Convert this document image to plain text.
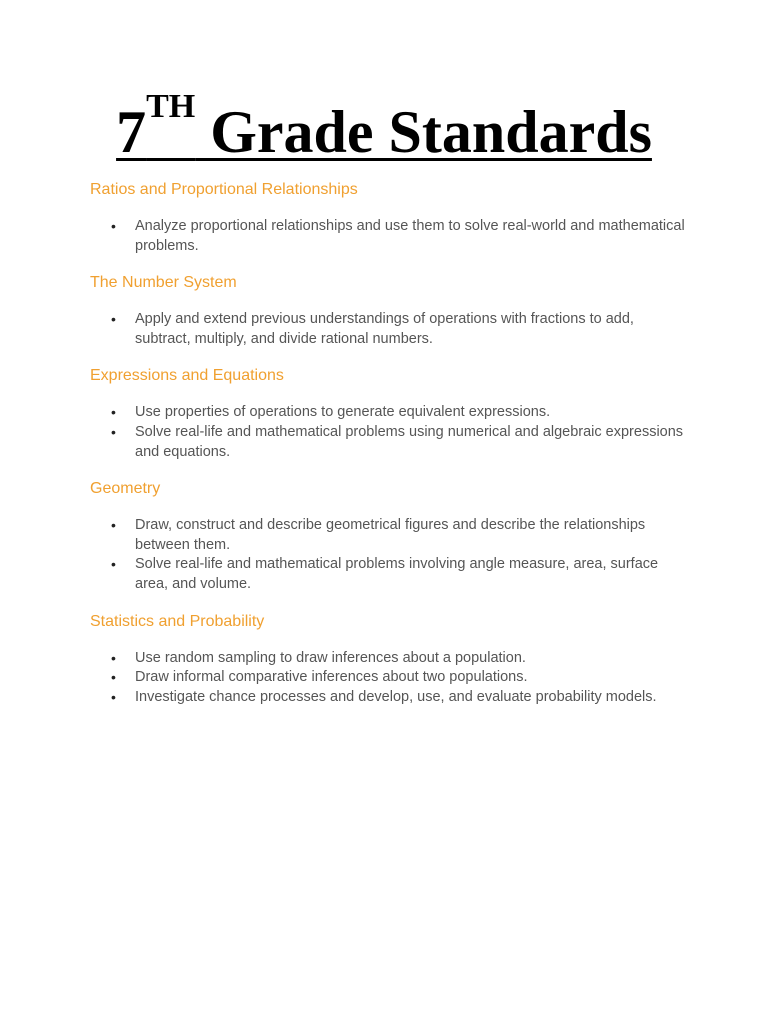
7TH Grade Standards
Ratios and Proportional Relationships
• Analyze proportional relationships and use them to solve real-world and mathematical problems.
The Number System
• Apply and extend previous understandings of operations with fractions to add, subtract, multiply, and divide rational numbers.
Expressions and Equations
• Use properties of operations to generate equivalent expressions.
• Solve real-life and mathematical problems using numerical and algebraic expressions and equations.
Geometry
• Draw, construct and describe geometrical figures and describe the relationships between them.
• Solve real-life and mathematical problems involving angle measure, area, surface area, and volume.
Statistics and Probability
• Use random sampling to draw inferences about a population.
• Draw informal comparative inferences about two populations.
• Investigate chance processes and develop, use, and evaluate probability models.
